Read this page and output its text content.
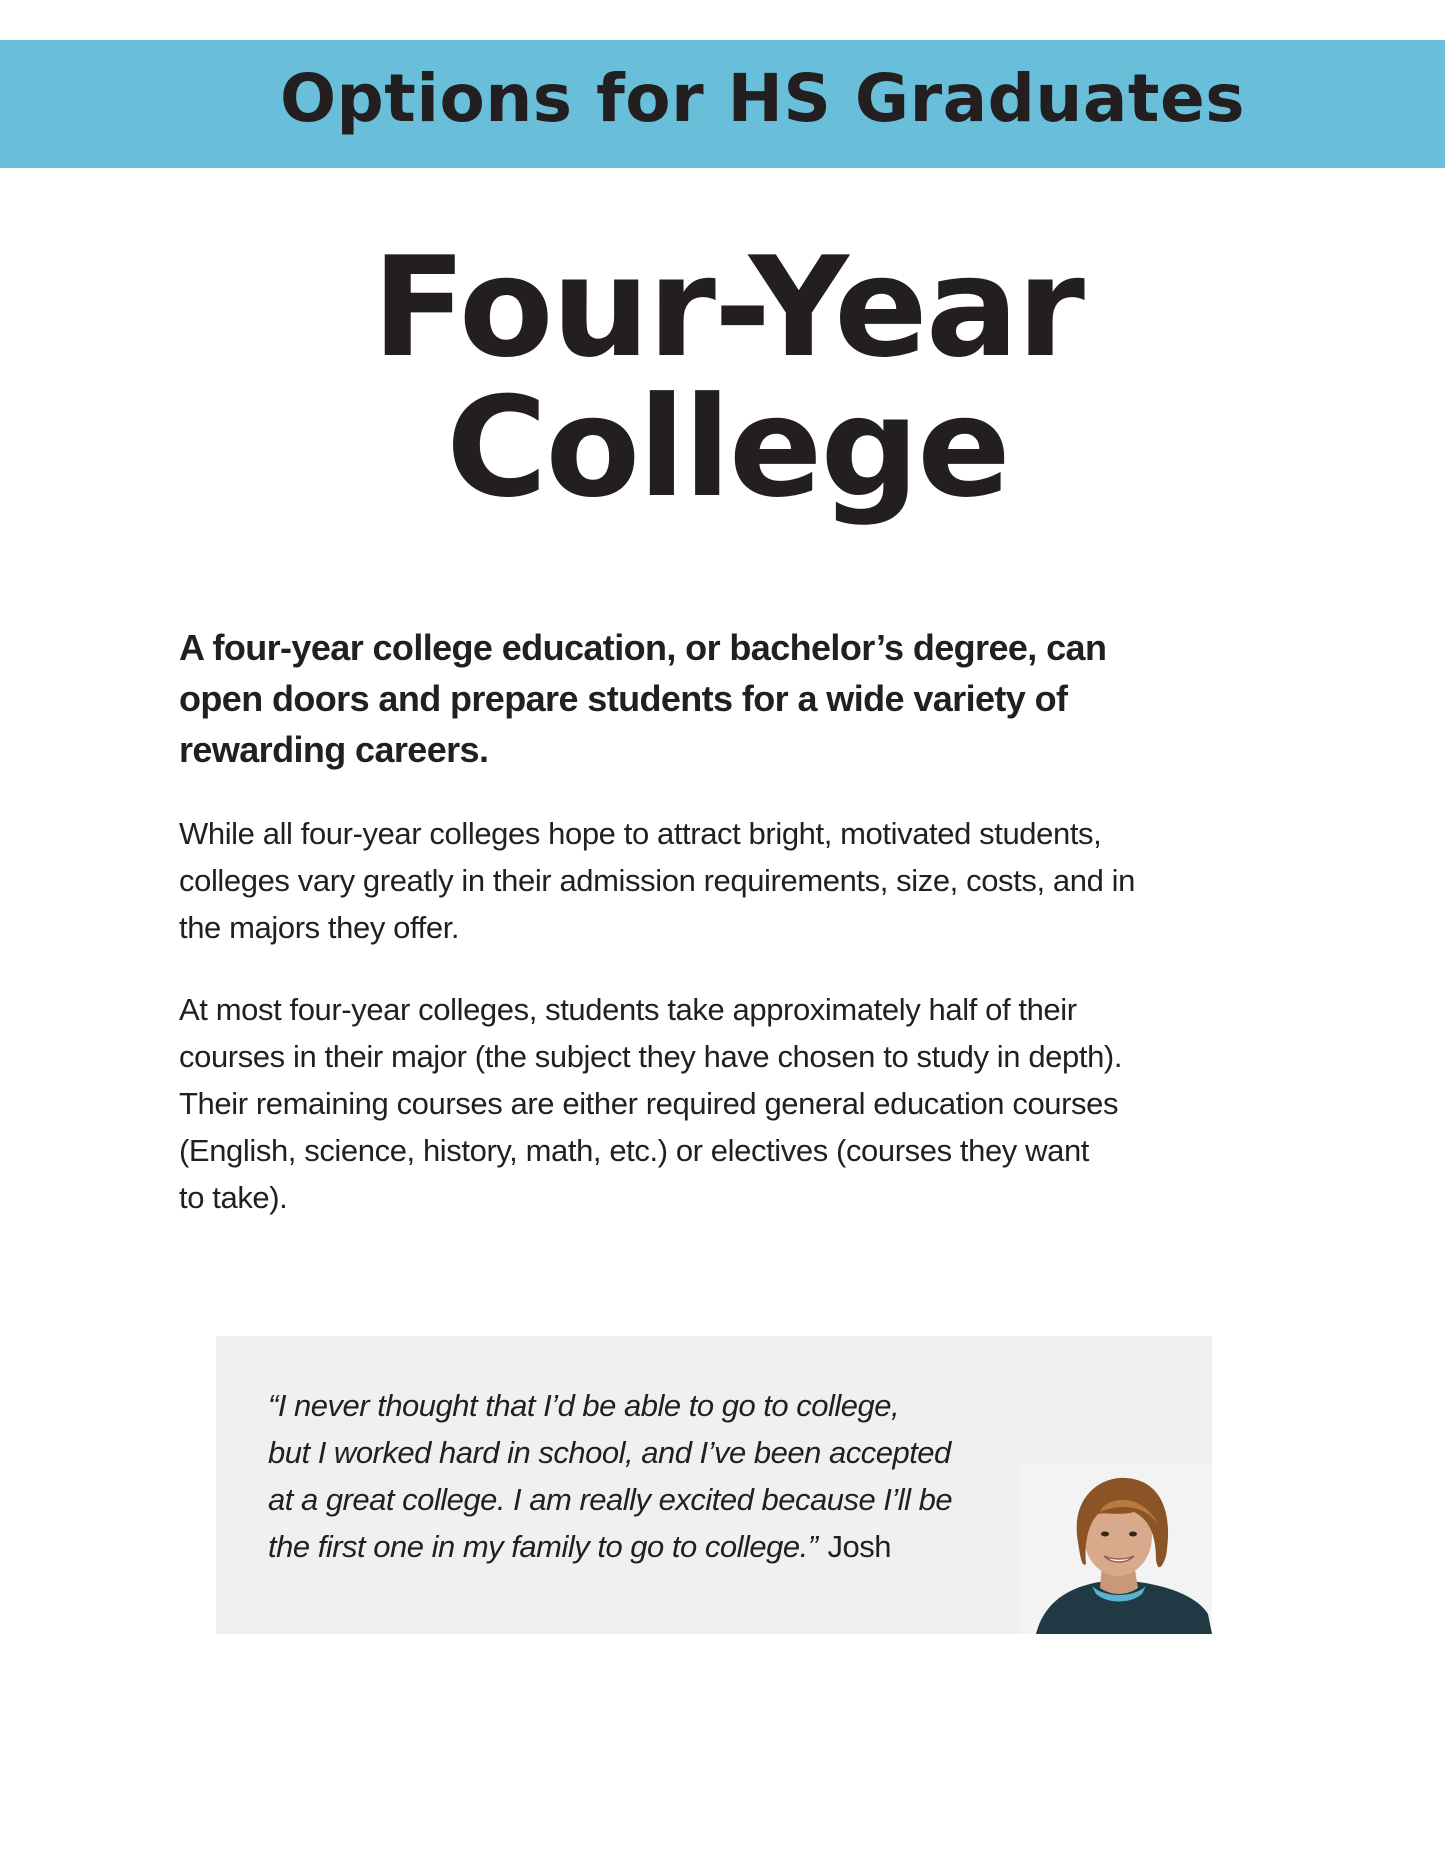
Options for HS Graduates
Four-Year
College
A four-year college education, or bachelor’s degree, can
open doors and prepare students for a wide variety of
rewarding careers.
While all four-year colleges hope to attract bright, motivated students,
colleges vary greatly in their admission requirements, size, costs, and in
the majors they offer.
At most four-year colleges, students take approximately half of their
courses in their major (the subject they have chosen to study in depth).
Their remaining courses are either required general education courses
(English, science, history, math, etc.) or electives (courses they want
to take).
“I never thought that I’d be able to go to college,
but I worked hard in school, and I’ve been accepted
at a great college. I am really excited because I’ll be
the first one in my family to go to college.” Josh
